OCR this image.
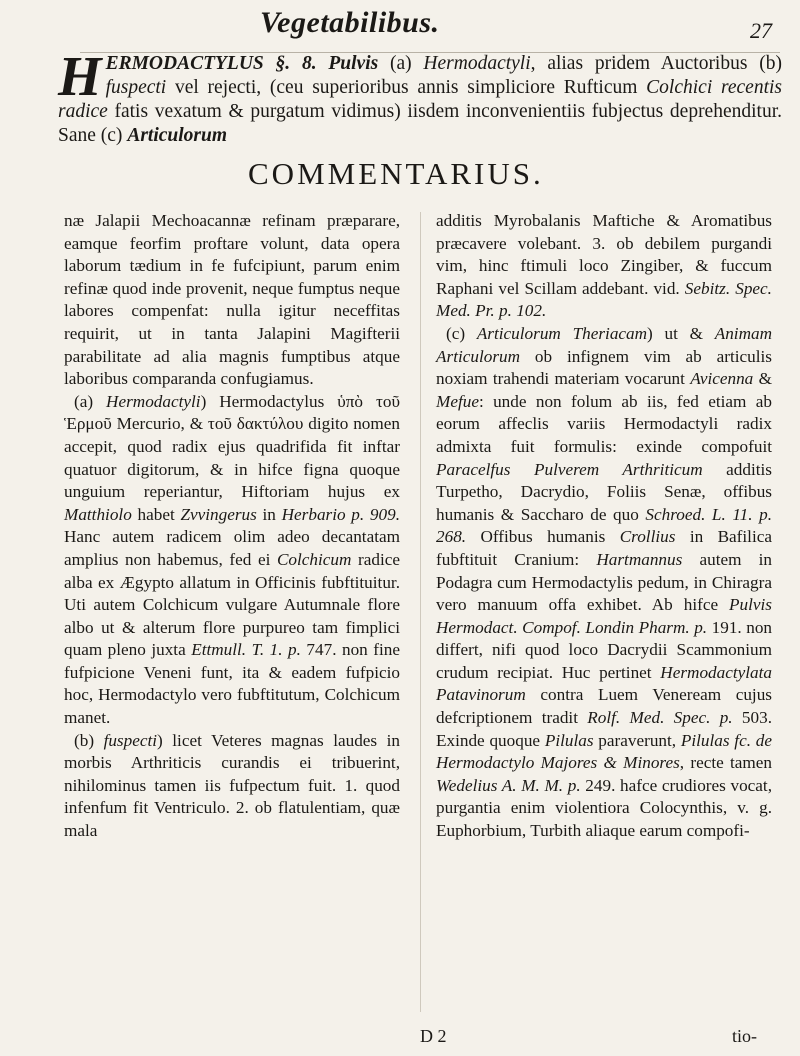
Vegetabilibus.	27
HERMODACTYLUS §. 8. Pulvis (a) Hermodactyli, alias pridem Auctoribus (b) fuspecti vel rejecti, (ceu superioribus annis simpliciore Rufticum Colchici recentis radice fatis vexatum & purgatum vidimus) iisdem inconvenientiis fubjectus deprehenditur. Sane (c) Articulorum
COMMENTARIUS.

næ Jalapii Mechoacannæ refinam præparare, eamque feorfim proftare volunt, data opera laborum tædium in fe fufcipiunt, parum enim refinæ quod inde provenit, neque fumptus neque labores compenfat: nulla igitur neceffitas requirit, ut in tanta Jalapini Magifterii parabilitate ad alia magnis fumptibus atque laboribus comparanda confugiamus.

(a) Hermodactyli) Hermodactylus ὑπὸ τοῦ Ἑρμοῦ Mercurio, & τοῦ δακτύλου digito nomen accepit, quod radix ejus quadrifida fit inftar quatuor digitorum, & in hifce figna quoque unguium reperiantur, Hiftoriam hujus ex Matthiolo habet Zvvingerus in Herbario p. 909. Hanc autem radicem olim adeo decantatam amplius non habemus, fed ei Colchicum radice alba ex Ægypto allatum in Officinis fubftituitur. Uti autem Colchicum vulgare Autumnale flore albo ut & alterum flore purpureo tam fimplici quam pleno juxta Ettmull. T. 1. p. 747. non fine fufpicione Veneni funt, ita & eadem fufpicio hoc, Hermodactylo vero fubftitutum, Colchicum manet.

(b) fuspecti) licet Veteres magnas laudes in morbis Arthriticis curandis ei tribuerint, nihilominus tamen iis fufpectum fuit. 1. quod infenfum fit Ventriculo. 2. ob flatulentiam, quæ mala

additis Myrobalanis Maftiche & Aromatibus præcavere volebant. 3. ob debilem purgandi vim, hinc ftimuli loco Zingiber, & fuccum Raphani vel Scillam addebant. vid. Sebitz. Spec. Med. Pr. p. 102.

(c) Articulorum Theriacam) ut & Animam Articulorum ob infignem vim ab articulis noxiam trahendi materiam vocarunt Avicenna & Mefue: unde non folum ab iis, fed etiam ab eorum affeclis variis Hermodactyli radix admixta fuit formulis: exinde compofuit Paracelfus Pulverem Arthriticum additis Turpetho, Dacrydio, Foliis Senæ, offibus humanis & Saccharo de quo Schroed. L. 11. p. 268. Offibus humanis Crollius in Bafilica fubftituit Cranium: Hartmannus autem in Podagra cum Hermodactylis pedum, in Chiragra vero manuum offa exhibet. Ab hifce Pulvis Hermodact. Compof. Londin Pharm. p. 191. non differt, nifi quod loco Dacrydii Scammonium crudum recipiat. Huc pertinet Hermodactylata Patavinorum contra Luem Veneream cujus defcriptionem tradit Rolf. Med. Spec. p. 503. Exinde quoque Pilulas paraverunt, Pilulas fc. de Hermodactylo Majores & Minores, recte tamen Wedelius A. M. M. p. 249. hafce crudiores vocat, purgantia enim violentiora Colocynthis, v. g. Euphorbium, Turbith aliaque earum compofi-

D 2	tio-
